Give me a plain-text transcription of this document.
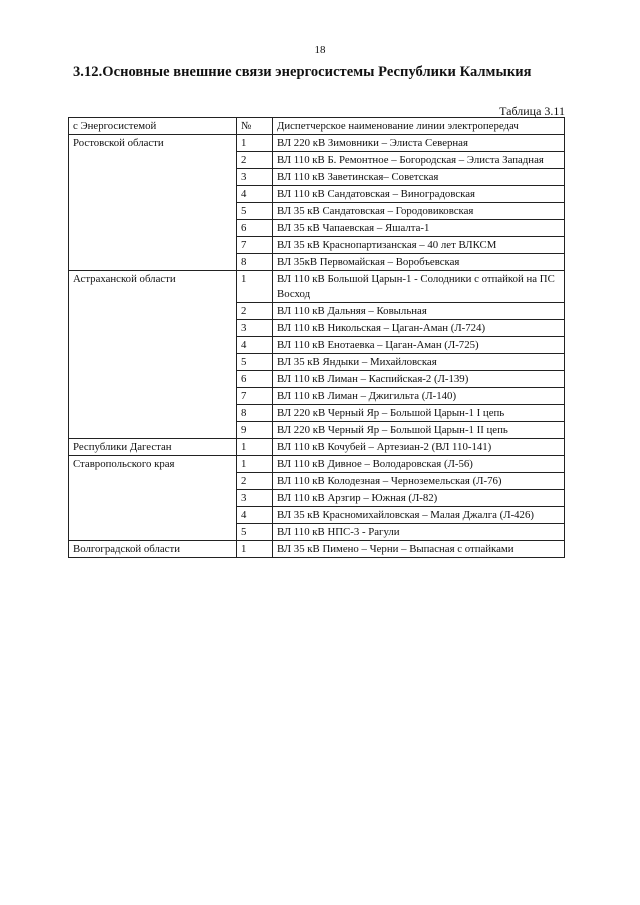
18
3.12.Основные внешние связи энергосистемы Республики Калмыкия
Таблица 3.11
с Энергосистемой	№	Диспетчерское наименование линии электропередач
Ростовской области	1	ВЛ 220 кВ Зимовники – Элиста Северная
	2	ВЛ 110 кВ Б. Ремонтное – Богородская – Элиста Западная
	3	ВЛ 110 кВ Заветинская– Советская
	4	ВЛ 110 кВ Сандатовская – Виноградовская
	5	ВЛ 35 кВ Сандатовская – Городовиковская
	6	ВЛ 35 кВ Чапаевская – Яшалта-1
	7	ВЛ 35 кВ Краснопартизанская – 40 лет ВЛКСМ
	8	ВЛ 35кВ Первомайская – Воробъевская
Астраханской области	1	ВЛ 110 кВ Большой Царын-1 - Солодники с отпайкой на ПС Восход
	2	ВЛ 110 кВ Дальняя – Ковыльная
	3	ВЛ 110 кВ Никольская – Цаган-Аман (Л-724)
	4	ВЛ 110 кВ Енотаевка – Цаган-Аман (Л-725)
	5	ВЛ 35 кВ Яндыки – Михайловская
	6	ВЛ 110 кВ Лиман – Каспийская-2 (Л-139)
	7	ВЛ 110 кВ Лиман – Джигильта (Л-140)
	8	ВЛ 220 кВ Черный Яр – Большой Царын-1 I цепь
	9	ВЛ 220 кВ Черный Яр – Большой Царын-1 II цепь
Республики Дагестан	1	ВЛ 110 кВ Кочубей – Артезиан-2 (ВЛ 110-141)
Ставропольского края	1	ВЛ 110 кВ Дивное – Володаровская (Л-56)
	2	ВЛ 110 кВ Колодезная – Черноземельская (Л-76)
	3	ВЛ 110 кВ Арзгир – Южная (Л-82)
	4	ВЛ 35 кВ Красномихайловская – Малая Джалга (Л-426)
	5	ВЛ 110 кВ НПС-3 - Рагули
Волгоградской области	1	ВЛ 35 кВ Пимено – Черни – Выпасная с отпайками
